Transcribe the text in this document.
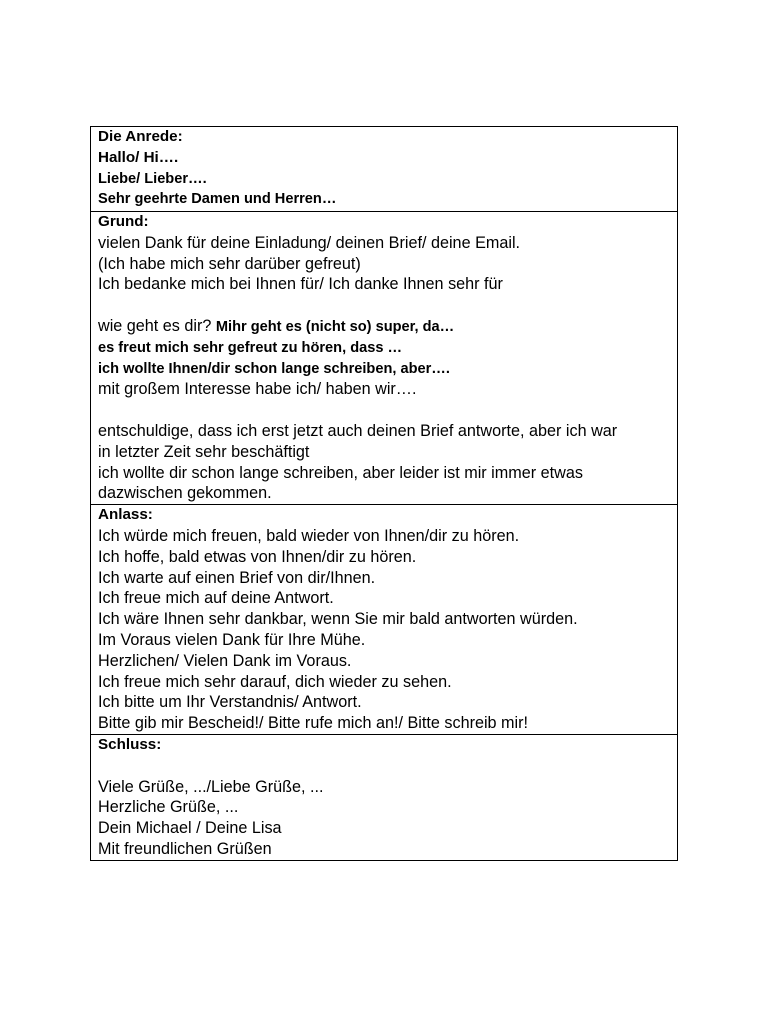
Die Anrede:
Hallo/ Hi….
Liebe/ Lieber….
Sehr geehrte Damen und Herren…

Grund:
vielen Dank für deine Einladung/ deinen Brief/ deine Email.
(Ich habe mich sehr darüber gefreut)
Ich bedanke mich bei Ihnen für/ Ich danke Ihnen sehr für
wie geht es dir? Mihr geht es (nicht so) super, da…
es freut mich sehr gefreut zu hören, dass …
ich wollte Ihnen/dir schon lange schreiben, aber….
mit großem Interesse habe ich/ haben wir….
entschuldige, dass ich erst jetzt auch deinen Brief antworte, aber ich war
in letzter Zeit sehr beschäftigt
ich wollte dir schon lange schreiben, aber leider ist mir immer etwas
dazwischen gekommen.

Anlass:
Ich würde mich freuen, bald wieder von Ihnen/dir zu hören.
Ich hoffe, bald etwas von Ihnen/dir zu hören.
Ich warte auf einen Brief von dir/Ihnen.
Ich freue mich auf deine Antwort.
Ich wäre Ihnen sehr dankbar, wenn Sie mir bald antworten würden.
Im Voraus vielen Dank für Ihre Mühe.
Herzlichen/ Vielen Dank im Voraus.
Ich freue mich sehr darauf, dich wieder zu sehen.
Ich bitte um Ihr Verstandnis/ Antwort.
Bitte gib mir Bescheid!/ Bitte rufe mich an!/ Bitte schreib mir!

Schluss:
Viele Grüße, .../Liebe Grüße, ...
Herzliche Grüße, ...
Dein Michael / Deine Lisa
Mit freundlichen Grüßen
